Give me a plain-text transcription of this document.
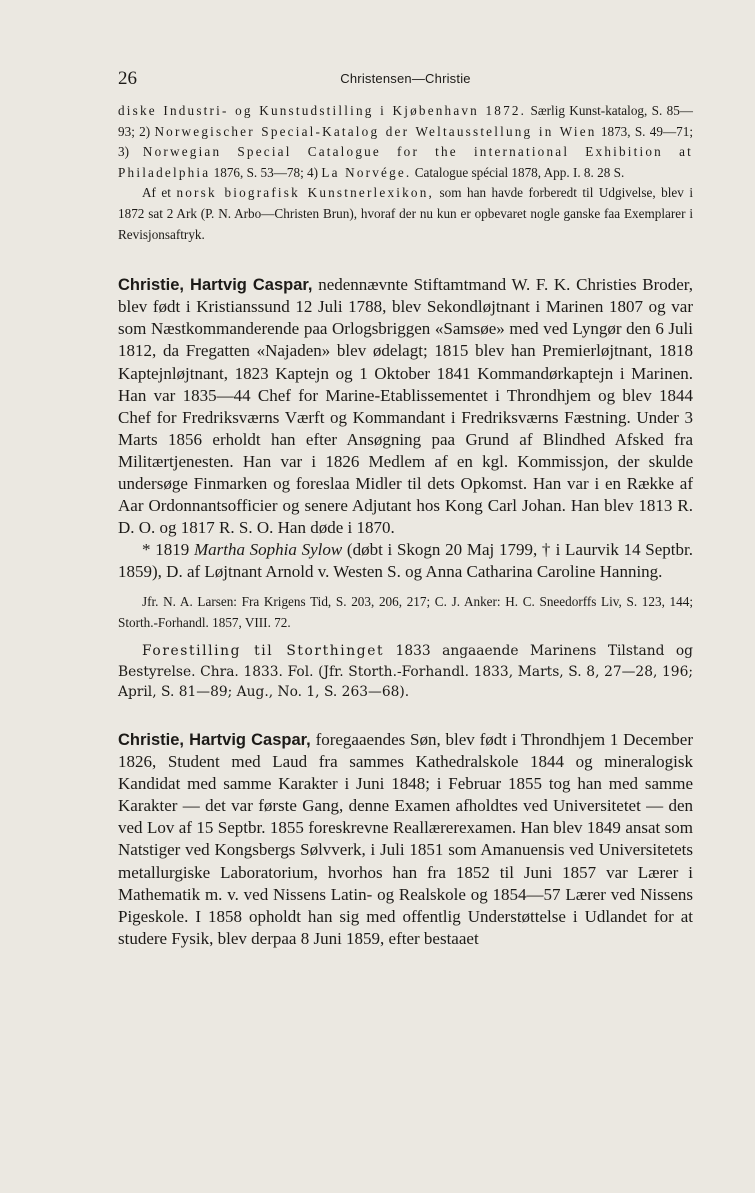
26	Christensen—Christie

diske Industri- og Kunstudstilling i Kjøbenhavn 1872. Særlig Kunst-katalog, S. 85—93; 2) Norwegischer Special-Katalog der Weltausstellung in Wien 1873, S. 49—71; 3) Norwegian Special Catalogue for the international Exhibition at Philadelphia 1876, S. 53—78; 4) La Norvége. Catalogue spécial 1878, App. I. 8. 28 S.

Af et norsk biografisk Kunstnerlexikon, som han havde forberedt til Udgivelse, blev i 1872 sat 2 Ark (P. N. Arbo—Christen Brun), hvoraf der nu kun er opbevaret nogle ganske faa Exemplarer i Revisjonsaftryk.

Christie, Hartvig Caspar, nedennævnte Stiftamtmand W. F. K. Christies Broder, blev født i Kristianssund 12 Juli 1788, blev Sekondløjtnant i Marinen 1807 og var som Næstkommanderende paa Orlogsbriggen «Samsøe» med ved Lyngør den 6 Juli 1812, da Fregatten «Najaden» blev ødelagt; 1815 blev han Premierløjtnant, 1818 Kaptejnløjtnant, 1823 Kaptejn og 1 Oktober 1841 Kommandørkaptejn i Marinen. Han var 1835—44 Chef for Marine-Etablissementet i Throndhjem og blev 1844 Chef for Fredriksværns Værft og Kommandant i Fredriksværns Fæstning. Under 3 Marts 1856 erholdt han efter Ansøgning paa Grund af Blindhed Afsked fra Militærtjenesten. Han var i 1826 Medlem af en kgl. Kommissjon, der skulde undersøge Finmarken og foreslaa Midler til dets Opkomst. Han var i en Række af Aar Ordonnantsofficier og senere Adjutant hos Kong Carl Johan. Han blev 1813 R. D. O. og 1817 R. S. O. Han døde i 1870.

* 1819 Martha Sophia Sylow (døbt i Skogn 20 Maj 1799, † i Laurvik 14 Septbr. 1859), D. af Løjtnant Arnold v. Westen S. og Anna Catharina Caroline Hanning.

Jfr. N. A. Larsen: Fra Krigens Tid, S. 203, 206, 217; C. J. Anker: H. C. Sneedorffs Liv, S. 123, 144; Storth.-Forhandl. 1857, VIII. 72.

Forestilling til Storthinget 1833 angaaende Marinens Tilstand og Bestyrelse. Chra. 1833. Fol. (Jfr. Storth.-Forhandl. 1833, Marts, S. 8, 27—28, 196; April, S. 81—89; Aug., No. 1, S. 263—68).

Christie, Hartvig Caspar, foregaaendes Søn, blev født i Throndhjem 1 December 1826, Student med Laud fra sammes Kathedralskole 1844 og mineralogisk Kandidat med samme Karakter i Juni 1848; i Februar 1855 tog han med samme Karakter — det var første Gang, denne Examen afholdtes ved Universitetet — den ved Lov af 15 Septbr. 1855 foreskrevne Reallærerexamen. Han blev 1849 ansat som Natstiger ved Kongsbergs Sølvverk, i Juli 1851 som Amanuensis ved Universitetets metallurgiske Laboratorium, hvorhos han fra 1852 til Juni 1857 var Lærer i Mathematik m. v. ved Nissens Latin- og Realskole og 1854—57 Lærer ved Nissens Pigeskole. I 1858 opholdt han sig med offentlig Understøttelse i Udlandet for at studere Fysik, blev derpaa 8 Juni 1859, efter bestaaet
